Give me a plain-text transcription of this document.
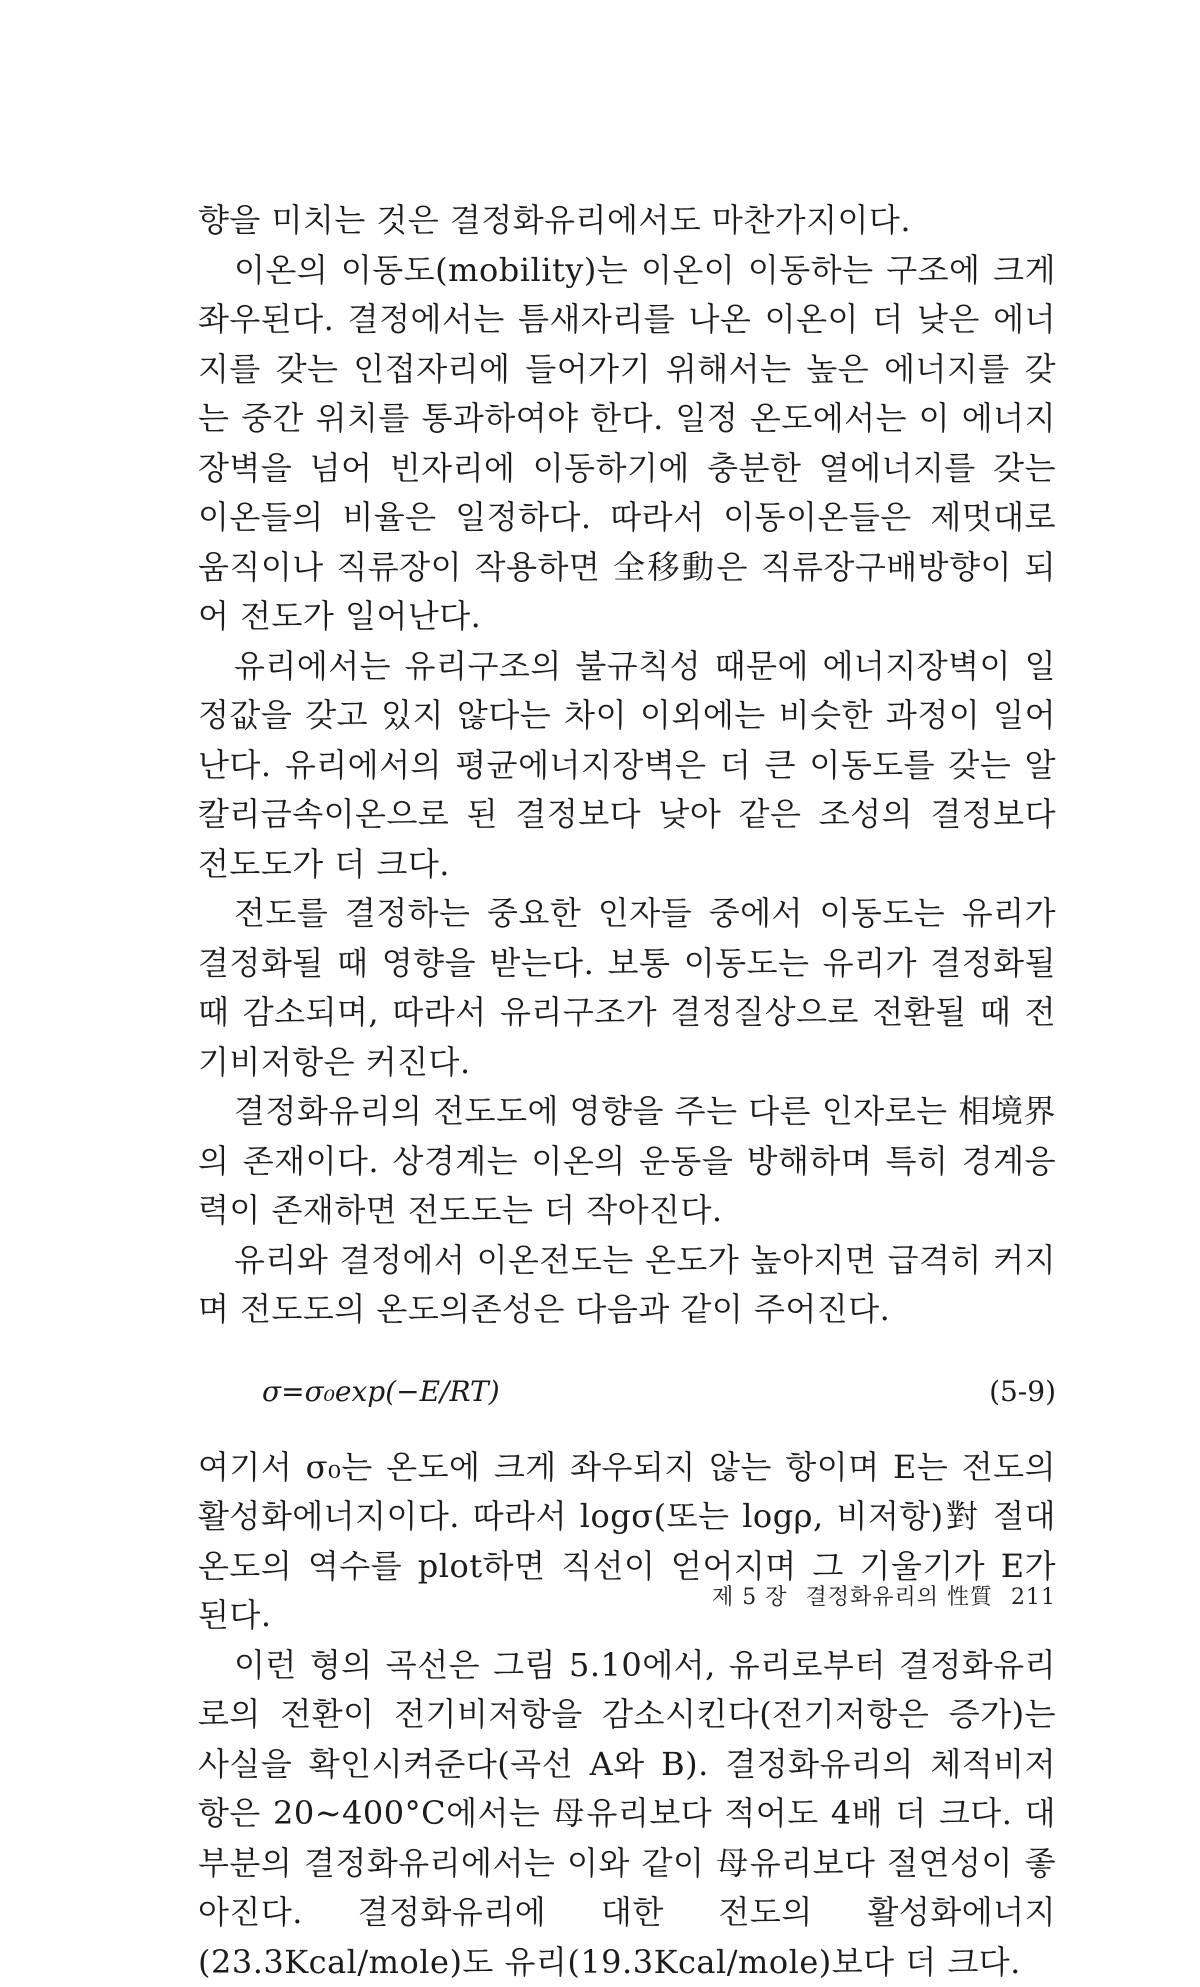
향을 미치는 것은 결정화유리에서도 마찬가지이다.

이온의 이동도(mobility)는 이온이 이동하는 구조에 크게 좌우된다. 결정에서는 틈새자리를 나온 이온이 더 낮은 에너지를 갖는 인접자리에 들어가기 위해서는 높은 에너지를 갖는 중간 위치를 통과하여야 한다. 일정 온도에서는 이 에너지장벽을 넘어 빈자리에 이동하기에 충분한 열에너지를 갖는 이온들의 비율은 일정하다. 따라서 이동이온들은 제멋대로 움직이나 직류장이 작용하면 全移動은 직류장구배방향이 되어 전도가 일어난다.

유리에서는 유리구조의 불규칙성 때문에 에너지장벽이 일정값을 갖고 있지 않다는 차이 이외에는 비슷한 과정이 일어난다. 유리에서의 평균에너지장벽은 더 큰 이동도를 갖는 알칼리금속이온으로 된 결정보다 낮아 같은 조성의 결정보다 전도도가 더 크다.

전도를 결정하는 중요한 인자들 중에서 이동도는 유리가 결정화될 때 영향을 받는다. 보통 이동도는 유리가 결정화될 때 감소되며, 따라서 유리구조가 결정질상으로 전환될 때 전기비저항은 커진다.

결정화유리의 전도도에 영향을 주는 다른 인자로는 相境界의 존재이다. 상경계는 이온의 운동을 방해하며 특히 경계응력이 존재하면 전도도는 더 작아진다.

유리와 결정에서 이온전도는 온도가 높아지면 급격히 커지며 전도도의 온도의존성은 다음과 같이 주어진다.

σ=σ₀exp(−E/RT)	(5-9)

여기서 σ₀는 온도에 크게 좌우되지 않는 항이며 E는 전도의 활성화에너지이다. 따라서 logσ(또는 logρ, 비저항)對 절대온도의 역수를 plot하면 직선이 얻어지며 그 기울기가 E가 된다.

이런 형의 곡선은 그림 5.10에서, 유리로부터 결정화유리로의 전환이 전기비저항을 감소시킨다(전기저항은 증가)는 사실을 확인시켜준다(곡선 A와 B). 결정화유리의 체적비저항은 20∼400°C에서는 母유리보다 적어도 4배 더 크다. 대부분의 결정화유리에서는 이와 같이 母유리보다 절연성이 좋아진다. 결정화유리에 대한 전도의 활성화에너지(23.3Kcal/mole)도 유리(19.3Kcal/mole)보다 더 크다.

제 5 장 결정화유리의 性質 211
